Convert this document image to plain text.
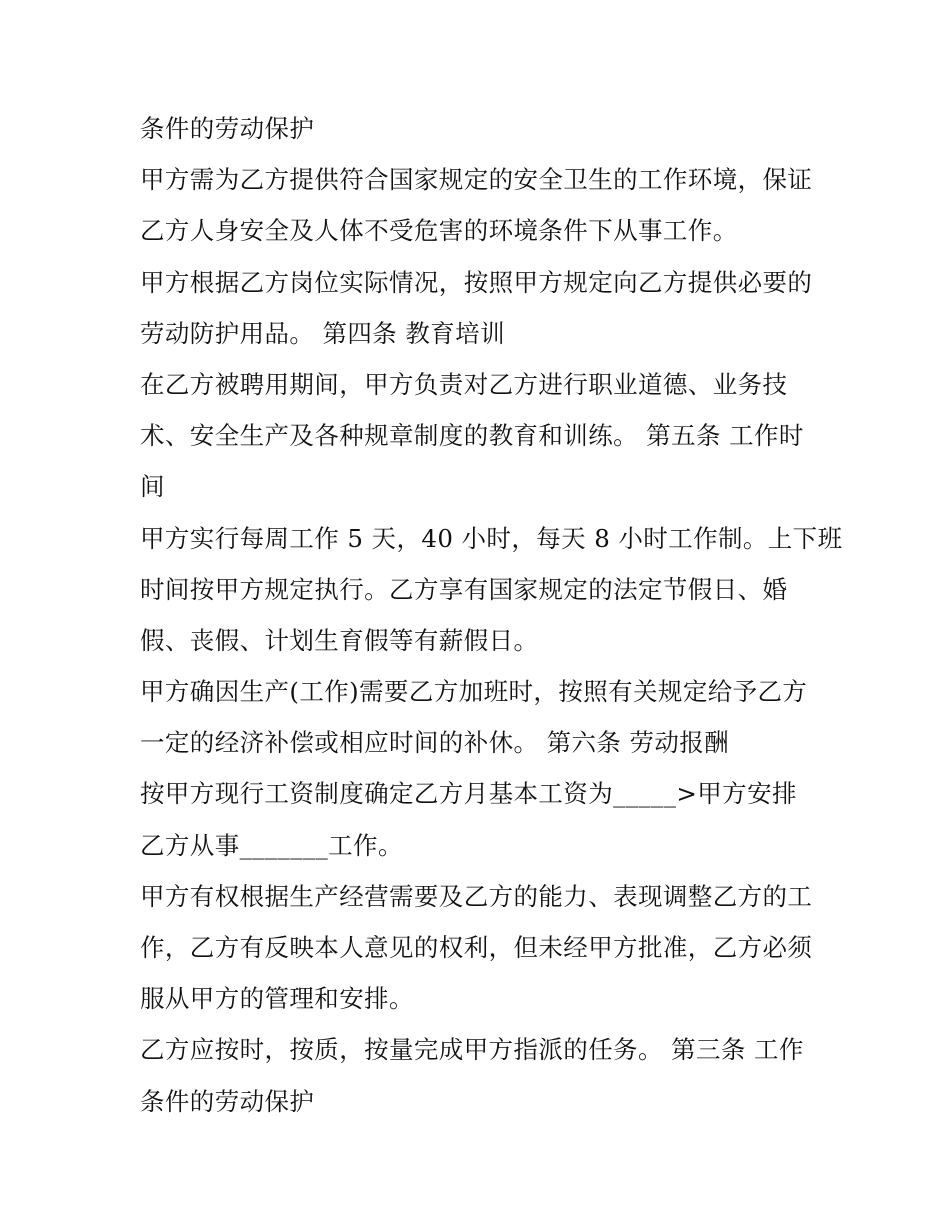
条件的劳动保护
甲方需为乙方提供符合国家规定的安全卫生的工作环境，保证
乙方人身安全及人体不受危害的环境条件下从事工作。
甲方根据乙方岗位实际情况，按照甲方规定向乙方提供必要的
劳动防护用品。 第四条 教育培训
在乙方被聘用期间，甲方负责对乙方进行职业道德、业务技
术、安全生产及各种规章制度的教育和训练。 第五条 工作时
间
甲方实行每周工作 5 天，40 小时，每天 8 小时工作制。上下班
时间按甲方规定执行。乙方享有国家规定的法定节假日、婚
假、丧假、计划生育假等有薪假日。
甲方确因生产(工作)需要乙方加班时，按照有关规定给予乙方
一定的经济补偿或相应时间的补休。 第六条 劳动报酬
按甲方现行工资制度确定乙方月基本工资为_____>甲方安排
乙方从事_______工作。
甲方有权根据生产经营需要及乙方的能力、表现调整乙方的工
作，乙方有反映本人意见的权利，但未经甲方批准，乙方必须
服从甲方的管理和安排。
乙方应按时，按质，按量完成甲方指派的任务。 第三条 工作
条件的劳动保护
